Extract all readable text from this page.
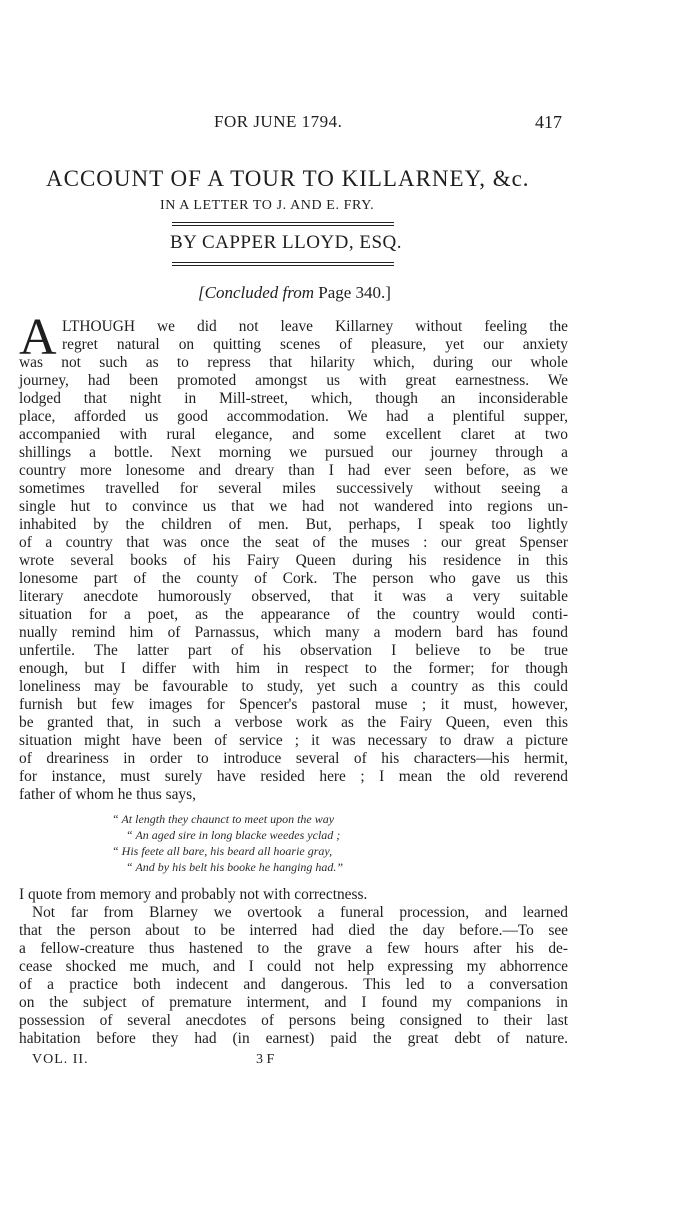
FOR JUNE 1794.	417
ACCOUNT OF A TOUR TO KILLARNEY, &c.
IN A LETTER TO J. AND E. FRY.
BY CAPPER LLOYD, ESQ.
[Concluded from Page 340.]
A LTHOUGH we did not leave Killarney without feeling the
regret natural on quitting scenes of pleasure, yet our anxiety
was not such as to repress that hilarity which, during our whole
journey, had been promoted amongst us with great earnestness. We
lodged that night in Mill-street, which, though an inconsiderable
place, afforded us good accommodation. We had a plentiful supper,
accompanied with rural elegance, and some excellent claret at two
shillings a bottle. Next morning we pursued our journey through a
country more lonesome and dreary than I had ever seen before, as we
sometimes travelled for several miles successively without seeing a
single hut to convince us that we had not wandered into regions un-
inhabited by the children of men. But, perhaps, I speak too lightly
of a country that was once the seat of the muses : our great Spenser
wrote several books of his Fairy Queen during his residence in this
lonesome part of the county of Cork. The person who gave us this
literary anecdote humorously observed, that it was a very suitable
situation for a poet, as the appearance of the country would conti-
nually remind him of Parnassus, which many a modern bard has found
unfertile. The latter part of his observation I believe to be true
enough, but I differ with him in respect to the former; for though
loneliness may be favourable to study, yet such a country as this could
furnish but few images for Spencer's pastoral muse ; it must, however,
be granted that, in such a verbose work as the Fairy Queen, even this
situation might have been of service ; it was necessary to draw a picture
of dreariness in order to introduce several of his characters—his hermit,
for instance, must surely have resided here ; I mean the old reverend
father of whom he thus says,
“ At length they chaunct to meet upon the way
“ An aged sire in long blacke weedes yclad ;
“ His feete all bare, his beard all hoarie gray,
“ And by his belt his booke he hanging had.”
I quote from memory and probably not with correctness.
Not far from Blarney we overtook a funeral procession, and learned
that the person about to be interred had died the day before.—To see
a fellow-creature thus hastened to the grave a few hours after his de-
cease shocked me much, and I could not help expressing my abhorrence
of a practice both indecent and dangerous. This led to a conversation
on the subject of premature interment, and I found my companions in
possession of several anecdotes of persons being consigned to their last
habitation before they had (in earnest) paid the great debt of nature.
VOL. II.	3 F
